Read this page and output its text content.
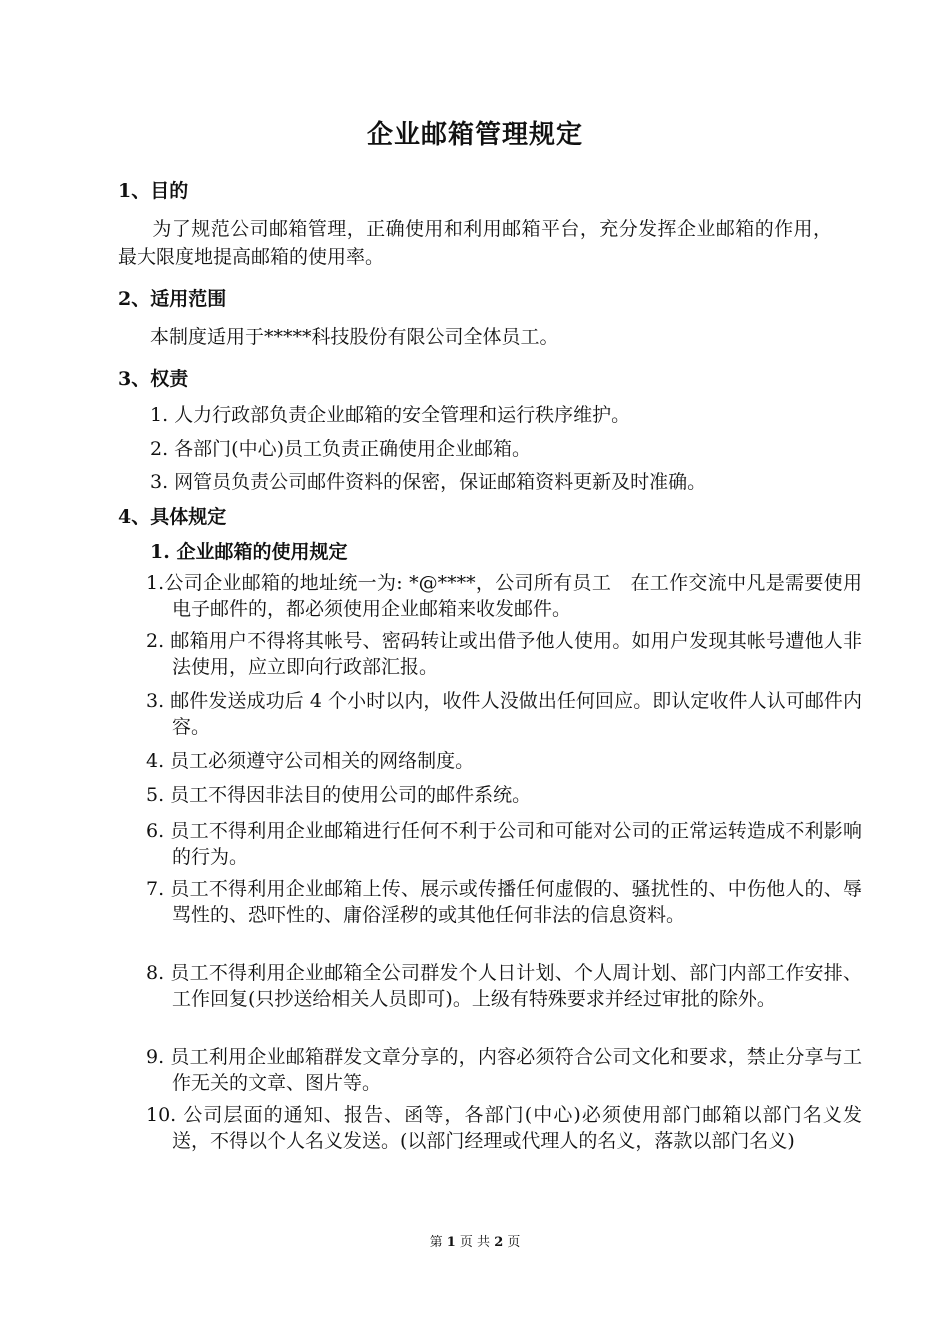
企业邮箱管理规定
1、目的
为了规范公司邮箱管理，正确使用和利用邮箱平台，充分发挥企业邮箱的作用，最大限度地提高邮箱的使用率。
2、适用范围
本制度适用于*****科技股份有限公司全体员工。
3、权责
1. 人力行政部负责企业邮箱的安全管理和运行秩序维护。
2. 各部门(中心)员工负责正确使用企业邮箱。
3. 网管员负责公司邮件资料的保密，保证邮箱资料更新及时准确。
4、具体规定
1. 企业邮箱的使用规定
1.公司企业邮箱的地址统一为: *@****，公司所有员工　在工作交流中凡是需要使用电子邮件的，都必须使用企业邮箱来收发邮件。
2. 邮箱用户不得将其帐号、密码转让或出借予他人使用。如用户发现其帐号遭他人非法使用，应立即向行政部汇报。
3. 邮件发送成功后 4 个小时以内，收件人没做出任何回应。即认定收件人认可邮件内容。
4. 员工必须遵守公司相关的网络制度。
5. 员工不得因非法目的使用公司的邮件系统。
6. 员工不得利用企业邮箱进行任何不利于公司和可能对公司的正常运转造成不利影响的行为。
7. 员工不得利用企业邮箱上传、展示或传播任何虚假的、骚扰性的、中伤他人的、辱骂性的、恐吓性的、庸俗淫秽的或其他任何非法的信息资料。
8. 员工不得利用企业邮箱全公司群发个人日计划、个人周计划、部门内部工作安排、工作回复(只抄送给相关人员即可)。上级有特殊要求并经过审批的除外。
9. 员工利用企业邮箱群发文章分享的，内容必须符合公司文化和要求，禁止分享与工作无关的文章、图片等。
10. 公司层面的通知、报告、函等，各部门(中心)必须使用部门邮箱以部门名义发送，不得以个人名义发送。(以部门经理或代理人的名义，落款以部门名义)
第 1 页 共 2 页
